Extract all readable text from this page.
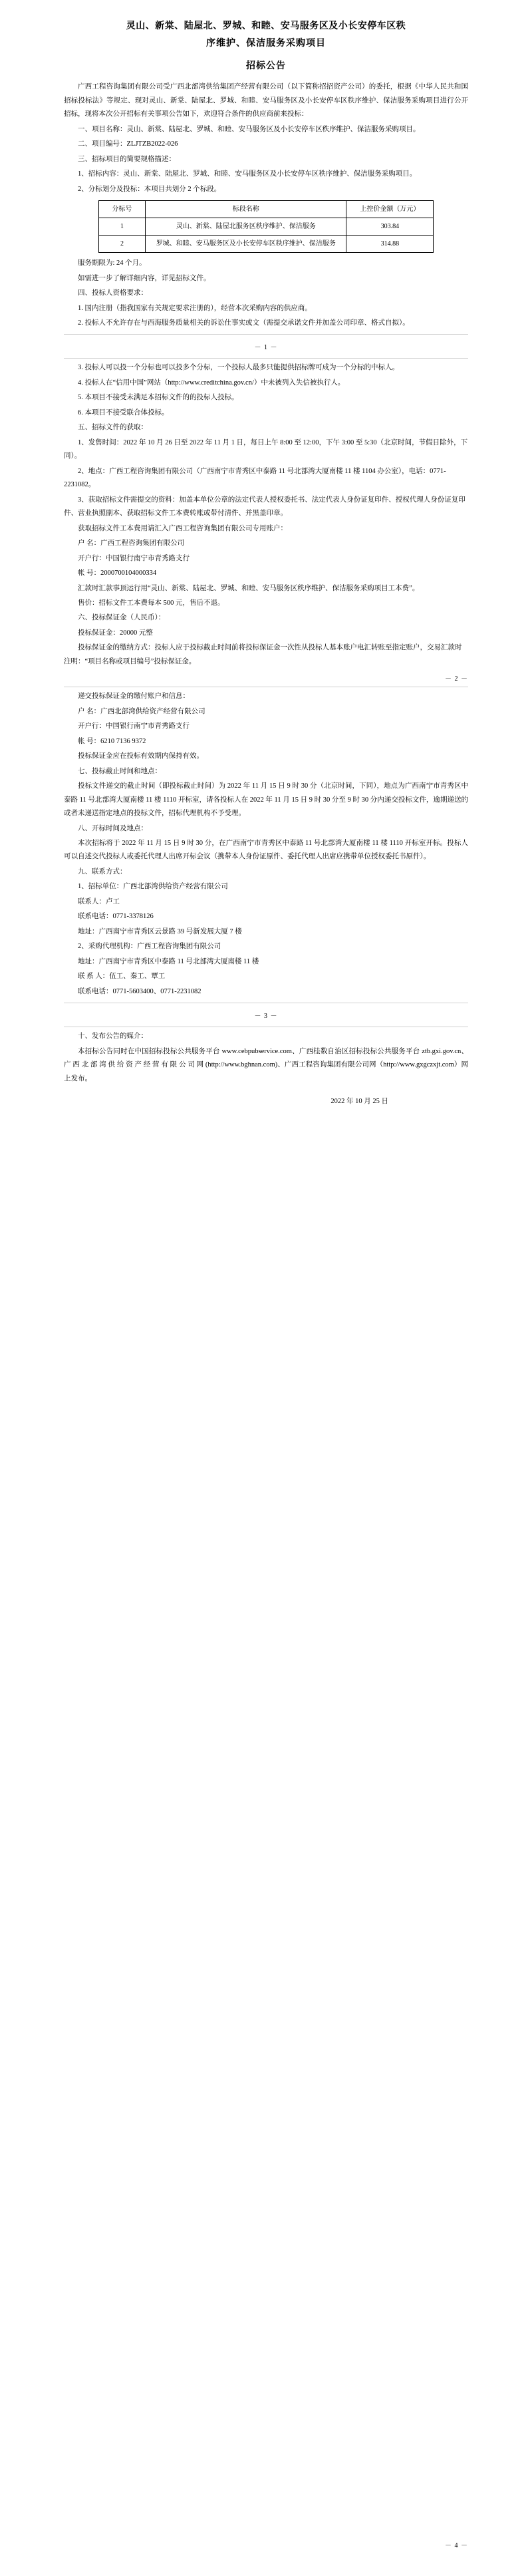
灵山、新棠、陆屋北、罗城、和睦、安马服务区及小长安停车区秩
序维护、保洁服务采购项目
招标公告

广西工程咨询集团有限公司受广西北部湾供给集团产经营有限公司（以下简称招招资产公司）的委托，根据《中华人民共和国招标投标法》等规定、现对灵山、新棠、陆屋北、罗城、和睦、安马服务区及小长安停车区秩序维护、保洁服务采购项目进行公开招标，现将本次公开招标有关事项公告如下，欢迎符合条件的供应商前来投标：

一、项目名称：灵山、新棠、陆屋北、罗城、和睦、安马服务区及小长安停车区秩序维护、保洁服务采购项目。

二、项目编号：ZLJTZB2022-026

三、招标项目的简要规格描述：

1、招标内容：灵山、新棠、陆屋北、罗城、和睦、安马服务区及小长安停车区秩序维护、保洁服务采购项目。

2、分标划分及投标：本项目共划分 2 个标段。

分标号	标段名称	上控价金额（万元）
1	灵山、新棠、陆屋北服务区秩序维护、保洁服务	303.84
2	罗城、和睦、安马服务区及小长安停车区秩序维护、保洁服务	314.88

服务期限为: 24 个月。

如需进一步了解详细内容，详见招标文件。

四、投标人资格要求：

1. 国内注册（指我国家有关规定要求注册的），经营本次采购内容的供应商。

2. 投标人不允许存在与西海服务质量相关的诉讼仕事实或文（需提交承诺文件并加盖公司印章、格式自拟）。

－ 1 －

3. 投标人可以投一个分标也可以投多个分标，一个投标人最多只能提供招标牌可成为一个分标的中标人。

4. 投标人在“信用中国”网站（http://www.creditchina.gov.cn/）中未被列入失信被执行人。

5. 本项目不接受未满足本招标文件的的投标人投标。

6. 本项目不接受联合体投标。

五、招标文件的获取：

1、发售时间：2022 年 10 月 26 日至 2022 年 11 月 1 日，每日上午 8:00 至 12:00，下午 3:00 至 5:30（北京时间，节假日除外，下同）。

2、地点：广西工程咨询集团有限公司（广西南宁市青秀区中泰路 11 号北部湾大厦南楼 11 楼 1104 办公室），电话：0771-2231082。

3、获取招标文件需提交的资料：加盖本单位公章的法定代表人授权委托书、法定代表人身份证复印件、授权代理人身份证复印件、营业执照副本、获取招标文件工本费转账或带付清件、并黑盖印章。

获取招标文件工本费用请汇入广西工程咨询集团有限公司专用账户：

户 名：广西工程咨询集团有限公司

开户行：中国银行南宁市青秀路支行

帐 号：2000700104000334

汇款时汇款事顶运行用“灵山、新棠、陆屋北、罗城、和睦、安马服务区秩序维护、保洁服务采购项目工本费”。

售价：招标文件工本费每本 500 元，售后不退。

六、投标保证金（人民币）：

投标保证金：20000 元整

投标保证金的缴纳方式：投标人应于投标截止时间前将投标保证金一次性从投标人基本账户电汇转账至指定账户，交易汇款时注明：“项目名称或项目编号”投标保证金。

－ 2 －

递交投标保证金的缴付账户和信息：

户 名：广西北部湾供给资产经营有限公司

开户行：中国银行南宁市青秀路支行

帐 号：6210 7136 9372

投标保证金应在投标有效期内保持有效。

七、投标截止时间和地点：

投标文件递交的截止时间（即投标截止时间）为 2022 年 11 月 15 日 9 时 30 分（北京时间，下同），地点为广西南宁市青秀区中泰路 11 号北部湾大厦南楼 11 楼 1110 开标室，请各投标人在 2022 年 11 月 15 日 9 时 30 分至 9 时 30 分内递交投标文件，逾期递送的或者未递送指定地点的投标文件，招标代理机构不予受理。

八、开标时间及地点：

本次招标将于 2022 年 11 月 15 日 9 时 30 分，在广西南宁市青秀区中泰路 11 号北部湾大厦南楼 11 楼 1110 开标室开标。投标人可以自述交代投标人或委托代理人出席开标会议（携带本人身份证原件、委托代理人出席应携带单位授权委托书原件）。

九、联系方式：

1、招标单位：广西北部湾供给资产经营有限公司

联系人：卢工

联系电话：0771-3378126

地址：广西南宁市青秀区云景路 39 号新发展大厦 7 楼

2、采购代理机构：广西工程咨询集团有限公司

地址：广西南宁市青秀区中泰路 11 号北部湾大厦南楼 11 楼

联 系 人：伍工、秦工、覃工

联系电话：0771-5603400、0771-2231082

－ 3 －

十、发布公告的媒介：

本招标公告同时在中国招标投标公共服务平台 www.cebpubservice.com、广西桂数自治区招标投标公共服务平台 ztb.gxi.gov.cn、广 西 北 部 湾 供 给 资 产 经 营 有 限 公 司 网 (http://www.bghnan.com)、广西工程咨询集团有限公司网（http://www.gxgczxjt.com）网上发布。

2022 年 10 月 25 日

－ 4 －
